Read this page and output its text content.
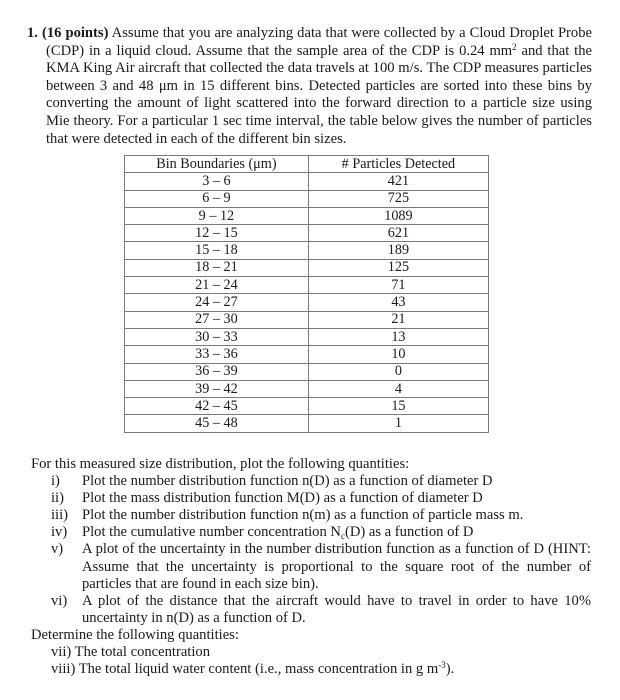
1. (16 points) Assume that you are analyzing data that were collected by a Cloud Droplet Probe (CDP) in a liquid cloud. Assume that the sample area of the CDP is 0.24 $mm^2$ and that the KMA King Air aircraft that collected the data travels at 100 m/s. The CDP measures particles between 3 and 48 μm in 15 different bins. Detected particles are sorted into these bins by converting the amount of light scattered into the forward direction to a particle size using Mie theory. For a particular 1 sec time interval, the table below gives the number of particles that were detected in each of the different bin sizes.
Bin Boundaries (μm)	# Particles Detected
3 – 6	421
6 – 9	725
9 – 12	1089
12 – 15	621
15 – 18	189
18 – 21	125
21 – 24	71
24 – 27	43
27 – 30	21
30 – 33	13
33 – 36	10
36 – 39	0
39 – 42	4
42 – 45	15
45 – 48	1

For this measured size distribution, plot the following quantities:

i) Plot the number distribution function n(D) as a function of diameter D
ii) Plot the mass distribution function M(D) as a function of diameter D
iii) Plot the number distribution function n(m) as a function of particle mass m.
iv) Plot the cumulative number concentration $N_c(D)$ as a function of D
v) A plot of the uncertainty in the number distribution function as a function of D (HINT: Assume that the uncertainty is proportional to the square root of the number of particles that are found in each size bin).
vi) A plot of the distance that the aircraft would have to travel in order to have 10% uncertainty in n(D) as a function of D.

Determine the following quantities:

vii) The total concentration
viii) The total liquid water content (i.e., mass concentration in g $m^{-3}$).
